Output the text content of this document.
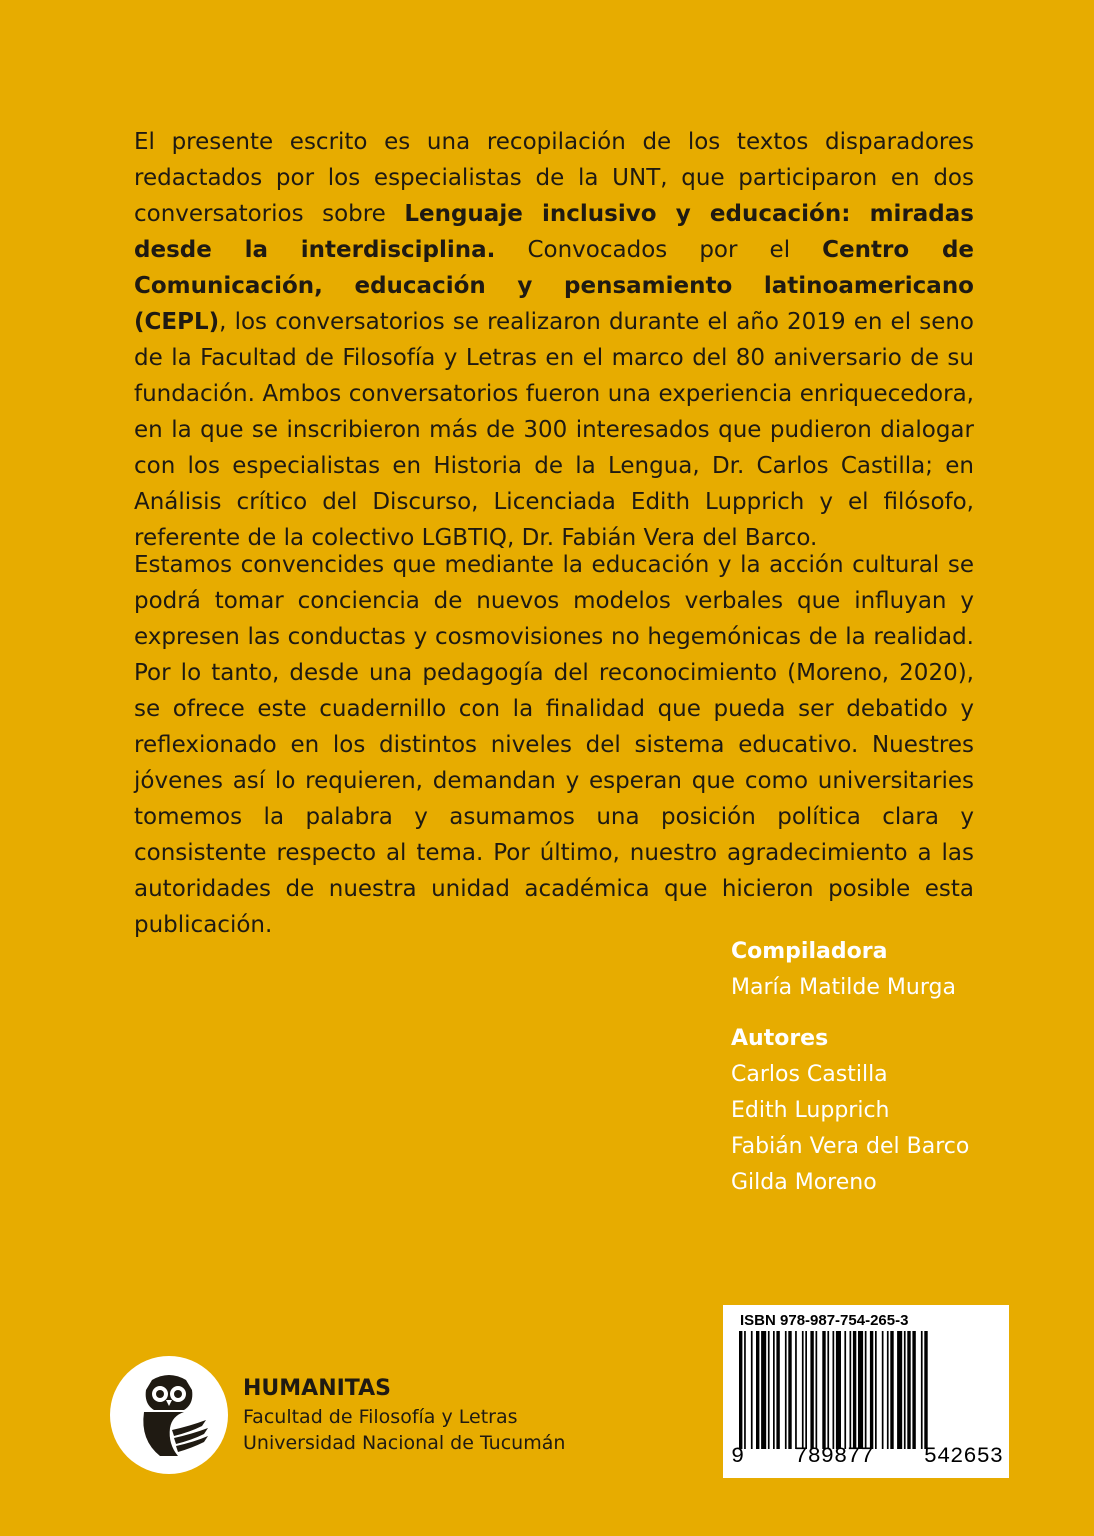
El presente escrito es una recopilación de los textos disparadores redactados por los especialistas de la UNT, que participaron en dos conversatorios sobre Lenguaje inclusivo y educación: miradas desde la interdisciplina. Convocados por el Centro de Comunicación, educación y pensamiento latinoamericano (CEPL), los conversatorios se realizaron durante el año 2019 en el seno de la Facultad de Filosofía y Letras en el marco del 80 aniversario de su fundación. Ambos conversatorios fueron una experiencia enriquecedora, en la que se inscribieron más de 300 interesados que pudieron dialogar con los especialistas en Historia de la Lengua, Dr. Carlos Castilla; en Análisis crítico del Discurso, Licenciada Edith Lupprich y el filósofo, referente de la colectivo LGBTIQ, Dr. Fabián Vera del Barco.

Estamos convencides que mediante la educación y la acción cultural se podrá tomar conciencia de nuevos modelos verbales que influyan y expresen las conductas y cosmovisiones no hegemónicas de la realidad. Por lo tanto, desde una pedagogía del reconocimiento (Moreno, 2020), se ofrece este cuadernillo con la finalidad que pueda ser debatido y reflexionado en los distintos niveles del sistema educativo. Nuestres jóvenes así lo requieren, demandan y esperan que como universitaries tomemos la palabra y asumamos una posición política clara y consistente respecto al tema. Por último, nuestro agradecimiento a las autoridades de nuestra unidad académica que hicieron posible esta publicación.

Compiladora
María Matilde Murga
Autores
Carlos Castilla
Edith Lupprich
Fabián Vera del Barco
Gilda Moreno
HUMANITAS
Facultad de Filosofía y Letras
Universidad Nacional de Tucumán
ISBN 978-987-754-265-3
9 789877 542653
